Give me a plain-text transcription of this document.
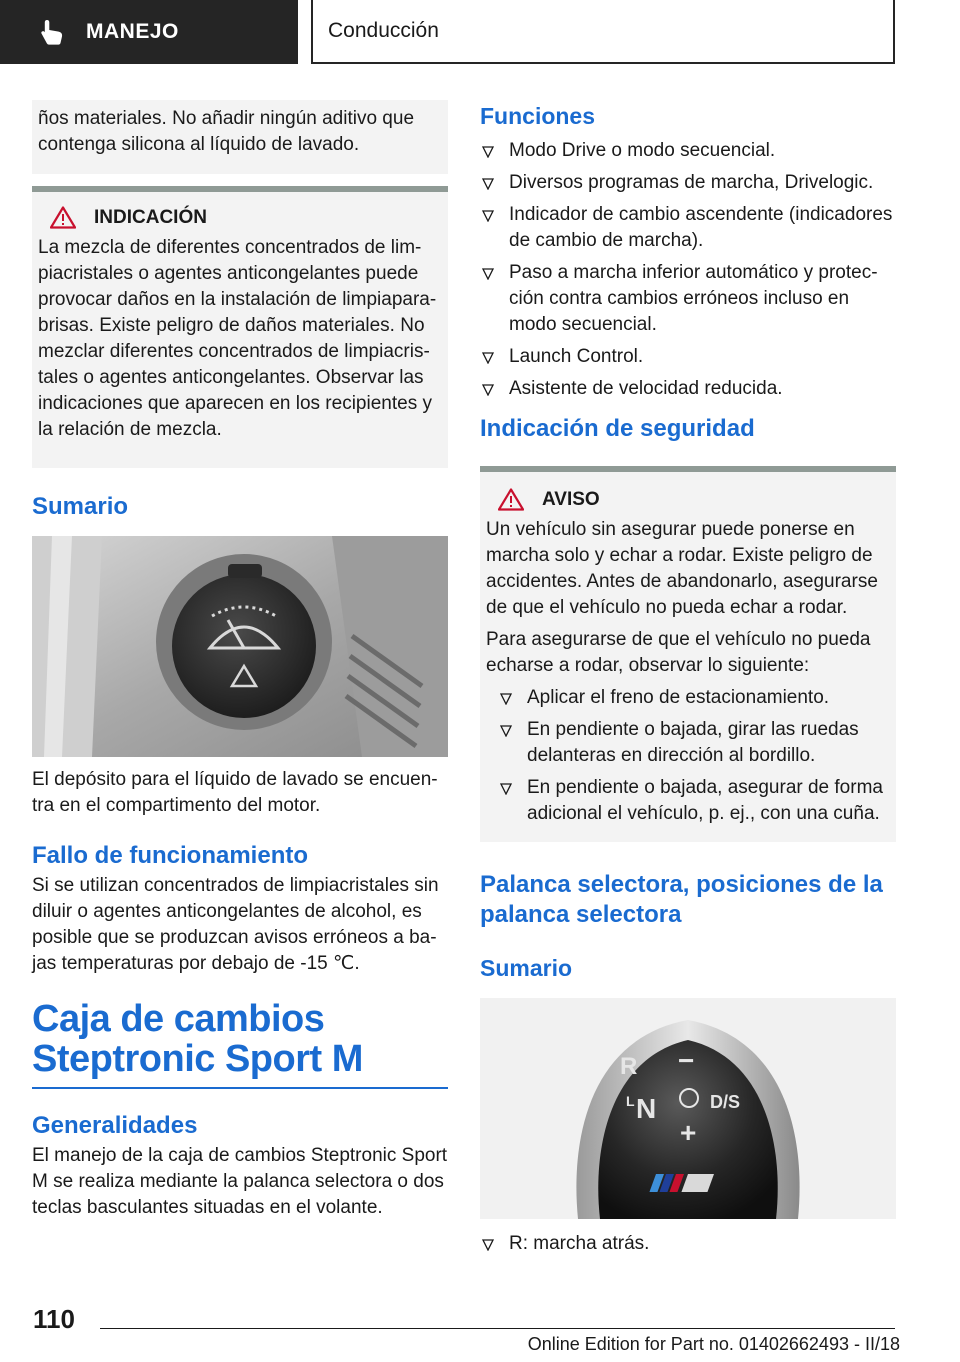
MANEJO	Conducción

ños materiales. No añadir ningún aditivo que contenga silicona al líquido de lavado.

INDICACIÓN

La mezcla de diferentes concentrados de limpiacristales o agentes anticongelantes puede provocar daños en la instalación de limpiaparabrisas. Existe peligro de daños materiales. No mezclar diferentes concentrados de limpiacristales o agentes anticongelantes. Observar las indicaciones que aparecen en los recipientes y la relación de mezcla.

Sumario

El depósito para el líquido de lavado se encuentra en el compartimento del motor.

Fallo de funcionamiento

Si se utilizan concentrados de limpiacristales sin diluir o agentes anticongelantes de alcohol, es posible que se produzcan avisos erróneos a bajas temperaturas por debajo de -15 ℃.

Caja de cambios Steptronic Sport M
Generalidades

El manejo de la caja de cambios Steptronic Sport M se realiza mediante la palanca selectora o dos teclas basculantes situadas en el volante.

Funciones
Modo Drive o modo secuencial.
Diversos programas de marcha, Drivelogic.
Indicador de cambio ascendente (indicadores de cambio de marcha).
Paso a marcha inferior automático y protección contra cambios erróneos incluso en modo secuencial.
Launch Control.
Asistente de velocidad reducida.
Indicación de seguridad
AVISO

Un vehículo sin asegurar puede ponerse en marcha solo y echar a rodar. Existe peligro de accidentes. Antes de abandonarlo, asegurarse de que el vehículo no pueda echar a rodar.

Para asegurarse de que el vehículo no pueda echarse a rodar, observar lo siguiente:

Aplicar el freno de estacionamiento.
En pendiente o bajada, girar las ruedas delanteras en dirección al bordillo.
En pendiente o bajada, asegurar de forma adicional el vehículo, p. ej., con una cuña.
Palanca selectora, posiciones de la palanca selectora
Sumario
R −
L N	D/S
+
R: marcha atrás.
110
Online Edition for Part no. 01402662493 - II/18
